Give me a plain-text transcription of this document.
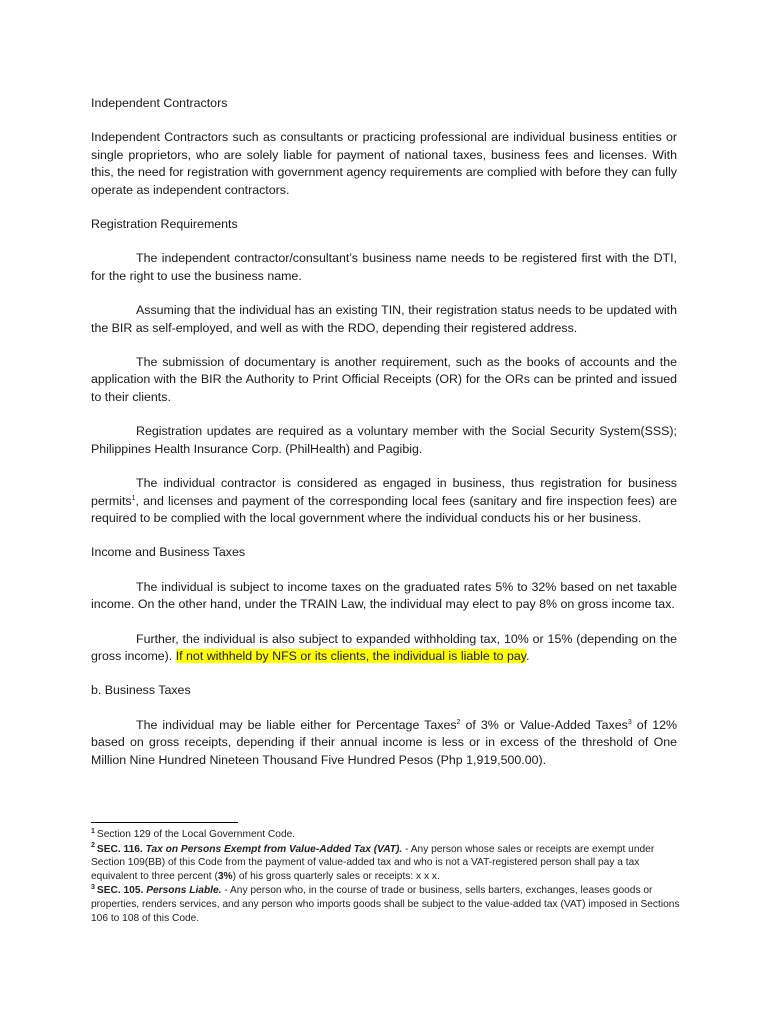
Independent Contractors

Independent Contractors such as consultants or practicing professional are individual business entities or single proprietors, who are solely liable for payment of national taxes, business fees and licenses. With this, the need for registration with government agency requirements are complied with before they can fully operate as independent contractors.

Registration Requirements

The independent contractor/consultant’s business name needs to be registered first with the DTI, for the right to use the business name.

Assuming that the individual has an existing TIN, their registration status needs to be updated with the BIR as self-employed, and well as with the RDO, depending their registered address.

The submission of documentary is another requirement, such as the books of accounts and the application with the BIR the Authority to Print Official Receipts (OR) for the ORs can be printed and issued to their clients.

Registration updates are required as a voluntary member with the Social Security System(SSS); Philippines Health Insurance Corp. (PhilHealth) and Pagibig.

The individual contractor is considered as engaged in business, thus registration for business permits$^1$, and licenses and payment of the corresponding local fees (sanitary and fire inspection fees) are required to be complied with the local government where the individual conducts his or her business.

Income and Business Taxes

The individual is subject to income taxes on the graduated rates 5% to 32% based on net taxable income. On the other hand, under the TRAIN Law, the individual may elect to pay 8% on gross income tax.

Further, the individual is also subject to expanded withholding tax, 10% or 15% (depending on the gross income). If not withheld by NFS or its clients, the individual is liable to pay.

b. Business Taxes

The individual may be liable either for Percentage Taxes$^2$ of 3% or Value-Added Taxes$^3$ of 12% based on gross receipts, depending if their annual income is less or in excess of the threshold of One Million Nine Hundred Nineteen Thousand Five Hundred Pesos (Php 1,919,500.00).

$^1$ Section 129 of the Local Government Code.
$^2$ SEC. 116. Tax on Persons Exempt from Value-Added Tax (VAT). - Any person whose sales or receipts are exempt under Section 109(BB) of this Code from the payment of value-added tax and who is not a VAT-registered person shall pay a tax equivalent to three percent (3%) of his gross quarterly sales or receipts: x x x.
$^3$ SEC. 105. Persons Liable. - Any person who, in the course of trade or business, sells barters, exchanges, leases goods or properties, renders services, and any person who imports goods shall be subject to the value-added tax (VAT) imposed in Sections 106 to 108 of this Code.
